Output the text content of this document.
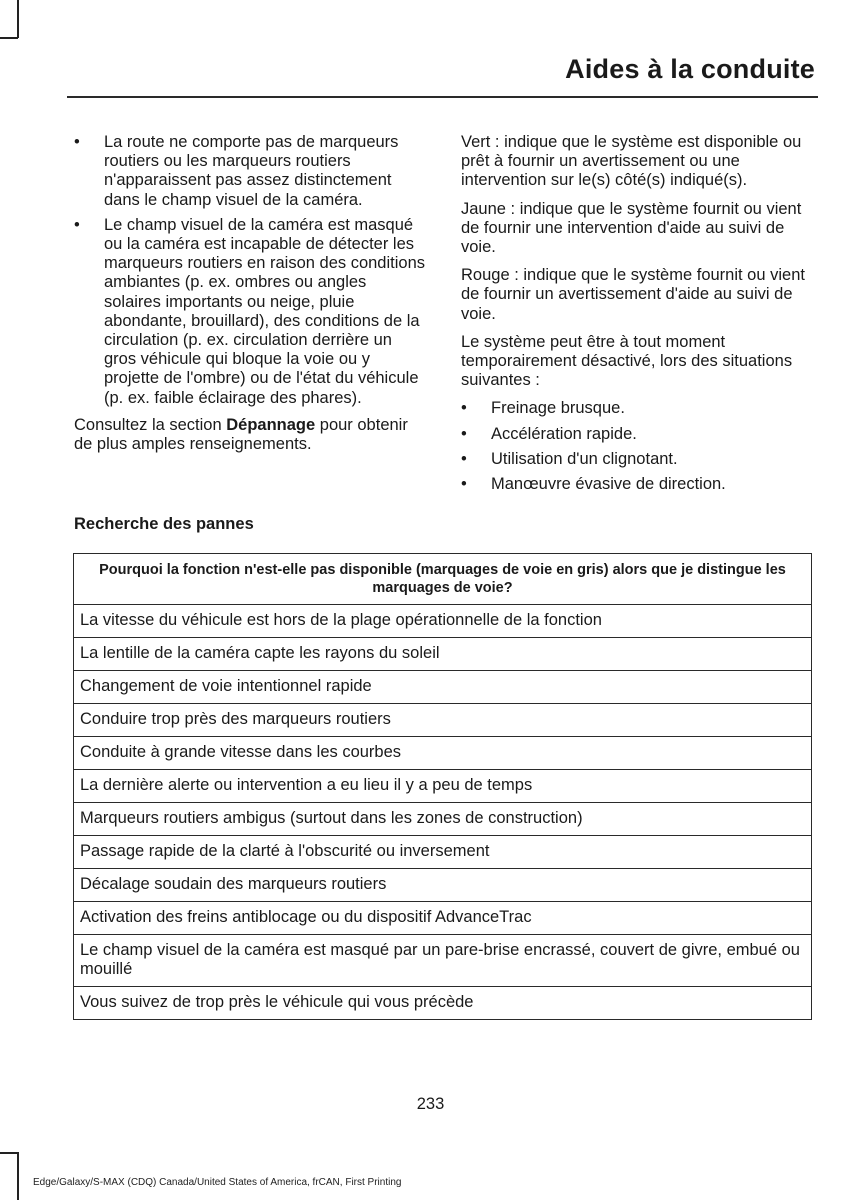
Aides à la conduite
• La route ne comporte pas de marqueurs routiers ou les marqueurs routiers n'apparaissent pas assez distinctement dans le champ visuel de la caméra.
• Le champ visuel de la caméra est masqué ou la caméra est incapable de détecter les marqueurs routiers en raison des conditions ambiantes (p. ex. ombres ou angles solaires importants ou neige, pluie abondante, brouillard), des conditions de la circulation (p. ex. circulation derrière un gros véhicule qui bloque la voie ou y projette de l'ombre) ou de l'état du véhicule (p. ex. faible éclairage des phares).

Consultez la section Dépannage pour obtenir de plus amples renseignements.

Vert : indique que le système est disponible ou prêt à fournir un avertissement ou une intervention sur le(s) côté(s) indiqué(s).

Jaune : indique que le système fournit ou vient de fournir une intervention d'aide au suivi de voie.

Rouge : indique que le système fournit ou vient de fournir un avertissement d'aide au suivi de voie.

Le système peut être à tout moment temporairement désactivé, lors des situations suivantes :

• Freinage brusque.
• Accélération rapide.
• Utilisation d'un clignotant.
• Manœuvre évasive de direction.
Recherche des pannes
Pourquoi la fonction n'est-elle pas disponible (marquages de voie en gris) alors que je distingue les marquages de voie?
La vitesse du véhicule est hors de la plage opérationnelle de la fonction
La lentille de la caméra capte les rayons du soleil
Changement de voie intentionnel rapide
Conduire trop près des marqueurs routiers
Conduite à grande vitesse dans les courbes
La dernière alerte ou intervention a eu lieu il y a peu de temps
Marqueurs routiers ambigus (surtout dans les zones de construction)
Passage rapide de la clarté à l'obscurité ou inversement
Décalage soudain des marqueurs routiers
Activation des freins antiblocage ou du dispositif AdvanceTrac
Le champ visuel de la caméra est masqué par un pare-brise encrassé, couvert de givre, embué ou mouillé
Vous suivez de trop près le véhicule qui vous précède
233
Edge/Galaxy/S-MAX (CDQ) Canada/United States of America, frCAN, First Printing
